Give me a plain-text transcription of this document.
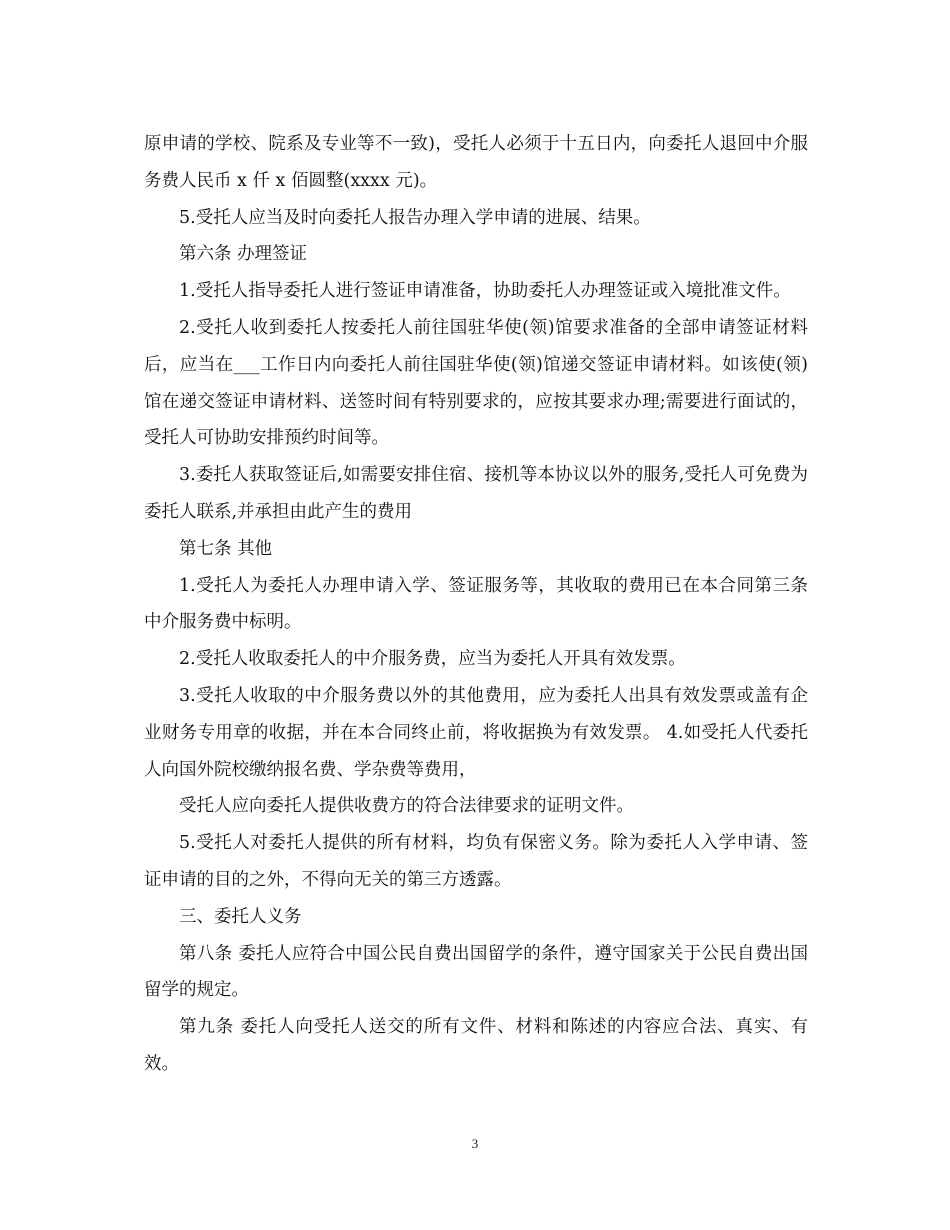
原申请的学校、院系及专业等不一致)，受托人必须于十五日内，向委托人退回中介服务费人民币 x 仟 x 佰圆整(xxxx 元)。

5.受托人应当及时向委托人报告办理入学申请的进展、结果。

第六条 办理签证

1.受托人指导委托人进行签证申请准备，协助委托人办理签证或入境批准文件。

2.受托人收到委托人按委托人前往国驻华使(领)馆要求准备的全部申请签证材料后，应当在___工作日内向委托人前往国驻华使(领)馆递交签证申请材料。如该使(领)馆在递交签证申请材料、送签时间有特别要求的，应按其要求办理;需要进行面试的，受托人可协助安排预约时间等。

3.委托人获取签证后,如需要安排住宿、接机等本协议以外的服务,受托人可免费为委托人联系,并承担由此产生的费用

第七条 其他

1.受托人为委托人办理申请入学、签证服务等，其收取的费用已在本合同第三条中介服务费中标明。

2.受托人收取委托人的中介服务费，应当为委托人开具有效发票。

3.受托人收取的中介服务费以外的其他费用，应为委托人出具有效发票或盖有企业财务专用章的收据，并在本合同终止前，将收据换为有效发票。 4.如受托人代委托人向国外院校缴纳报名费、学杂费等费用，

受托人应向委托人提供收费方的符合法律要求的证明文件。

5.受托人对委托人提供的所有材料，均负有保密义务。除为委托人入学申请、签证申请的目的之外，不得向无关的第三方透露。

三、委托人义务

第八条 委托人应符合中国公民自费出国留学的条件，遵守国家关于公民自费出国留学的规定。

第九条 委托人向受托人送交的所有文件、材料和陈述的内容应合法、真实、有效。

3
